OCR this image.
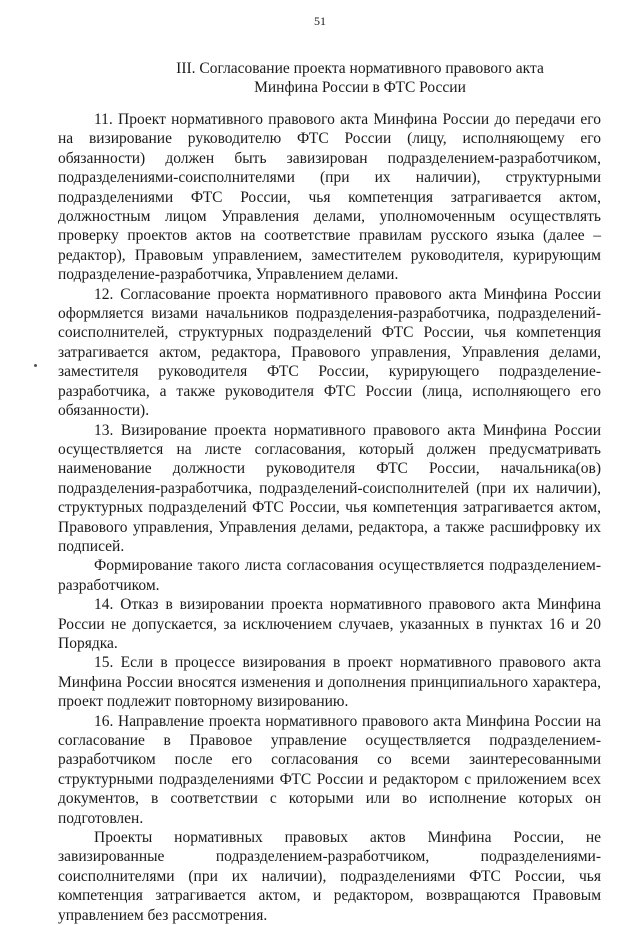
51
III. Согласование проекта нормативного правового акта
Минфина России в ФТС России

11. Проект нормативного правового акта Минфина России до передачи его на визирование руководителю ФТС России (лицу, исполняющему его обязанности) должен быть завизирован подразделением-разработчиком, подразделениями-соисполнителями (при их наличии), структурными подразделениями ФТС России, чья компетенция затрагивается актом, должностным лицом Управления делами, уполномоченным осуществлять проверку проектов актов на соответствие правилам русского языка (далее – редактор), Правовым управлением, заместителем руководителя, курирующим подразделение-разработчика, Управлением делами.

12. Согласование проекта нормативного правового акта Минфина России оформляется визами начальников подразделения-разработчика, подразделений-соисполнителей, структурных подразделений ФТС России, чья компетенция затрагивается актом, редактора, Правового управления, Управления делами, заместителя руководителя ФТС России, курирующего подразделение-разработчика, а также руководителя ФТС России (лица, исполняющего его обязанности).

13. Визирование проекта нормативного правового акта Минфина России осуществляется на листе согласования, который должен предусматривать наименование должности руководителя ФТС России, начальника(ов) подразделения-разработчика, подразделений-соисполнителей (при их наличии), структурных подразделений ФТС России, чья компетенция затрагивается актом, Правового управления, Управления делами, редактора, а также расшифровку их подписей.

Формирование такого листа согласования осуществляется подразделением-разработчиком.

14. Отказ в визировании проекта нормативного правового акта Минфина России не допускается, за исключением случаев, указанных в пунктах 16 и 20 Порядка.

15. Если в процессе визирования в проект нормативного правового акта Минфина России вносятся изменения и дополнения принципиального характера, проект подлежит повторному визированию.

16. Направление проекта нормативного правового акта Минфина России на согласование в Правовое управление осуществляется подразделением-разработчиком после его согласования со всеми заинтересованными структурными подразделениями ФТС России и редактором с приложением всех документов, в соответствии с которыми или во исполнение которых он подготовлен.

Проекты нормативных правовых актов Минфина России, не завизированные подразделением-разработчиком, подразделениями-соисполнителями (при их наличии), подразделениями ФТС России, чья компетенция затрагивается актом, и редактором, возвращаются Правовым управлением без рассмотрения.
